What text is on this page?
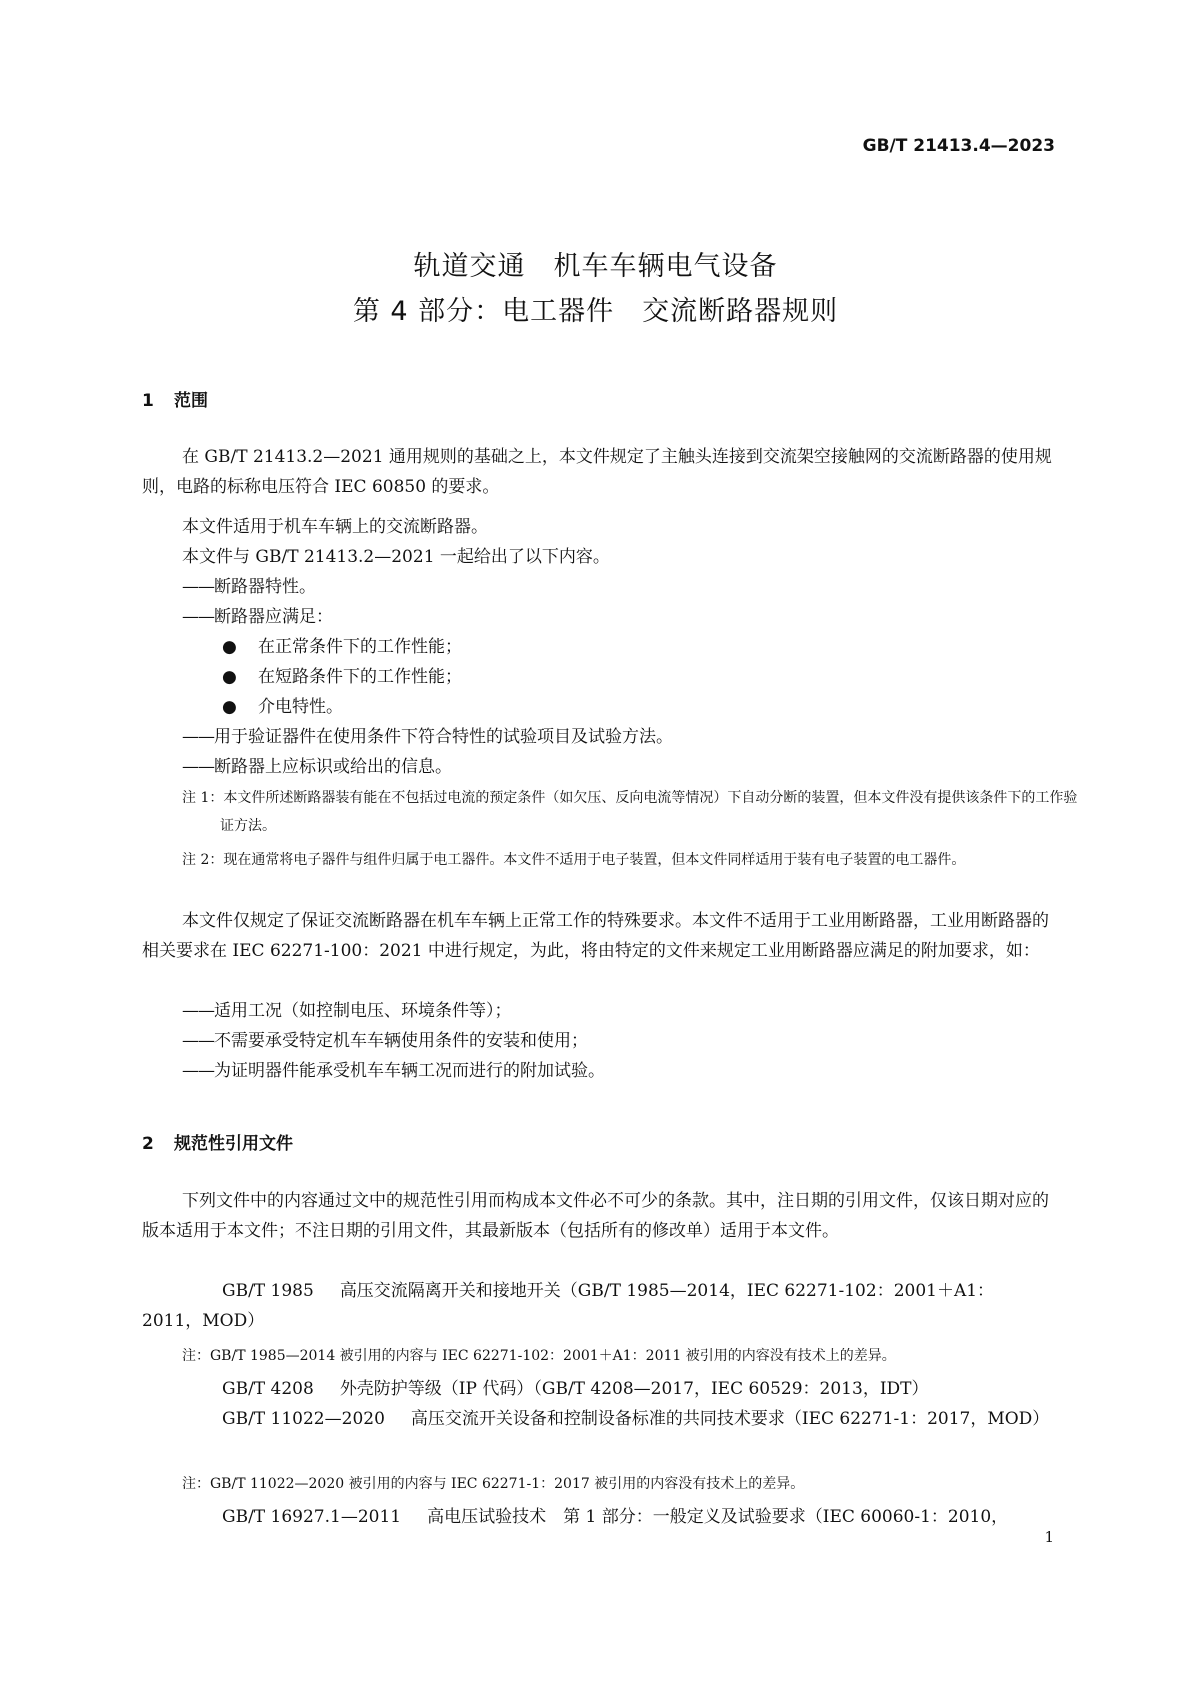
GB/T 21413.4—2023
轨道交通　机车车辆电气设备
第 4 部分：电工器件　交流断路器规则
1 范围
在 GB/T 21413.2—2021 通用规则的基础之上，本文件规定了主触头连接到交流架空接触网的交流断路器的使用规则，电路的标称电压符合 IEC 60850 的要求。
本文件适用于机车车辆上的交流断路器。
本文件与 GB/T 21413.2—2021 一起给出了以下内容。
—— 断路器特性。
—— 断路器应满足：
● 在正常条件下的工作性能；
● 在短路条件下的工作性能；
● 介电特性。
—— 用于验证器件在使用条件下符合特性的试验项目及试验方法。
—— 断路器上应标识或给出的信息。
注 1：本文件所述断路器装有能在不包括过电流的预定条件（如欠压、反向电流等情况）下自动分断的装置，但本文件没有提供该条件下的工作验证方法。
注 2：现在通常将电子器件与组件归属于电工器件。本文件不适用于电子装置，但本文件同样适用于装有电子装置的电工器件。
本文件仅规定了保证交流断路器在机车车辆上正常工作的特殊要求。本文件不适用于工业用断路器，工业用断路器的相关要求在 IEC 62271-100：2021 中进行规定，为此，将由特定的文件来规定工业用断路器应满足的附加要求，如：
—— 适用工况（如控制电压、环境条件等）；
—— 不需要承受特定机车车辆使用条件的安装和使用；
—— 为证明器件能承受机车车辆工况而进行的附加试验。
2 规范性引用文件
下列文件中的内容通过文中的规范性引用而构成本文件必不可少的条款。其中，注日期的引用文件，仅该日期对应的版本适用于本文件；不注日期的引用文件，其最新版本（包括所有的修改单）适用于本文件。
GB/T 1985 高压交流隔离开关和接地开关（GB/T 1985—2014，IEC 62271-102：2001＋A1：2011，MOD）
注：GB/T 1985—2014 被引用的内容与 IEC 62271-102：2001＋A1：2011 被引用的内容没有技术上的差异。
GB/T 4208 外壳防护等级（IP 代码）（GB/T 4208—2017，IEC 60529：2013，IDT）
GB/T 11022—2020 高压交流开关设备和控制设备标准的共同技术要求（IEC 62271-1：2017，MOD）
注：GB/T 11022—2020 被引用的内容与 IEC 62271-1：2017 被引用的内容没有技术上的差异。
GB/T 16927.1—2011 高电压试验技术　第 1 部分：一般定义及试验要求（IEC 60060-1：2010，
1
